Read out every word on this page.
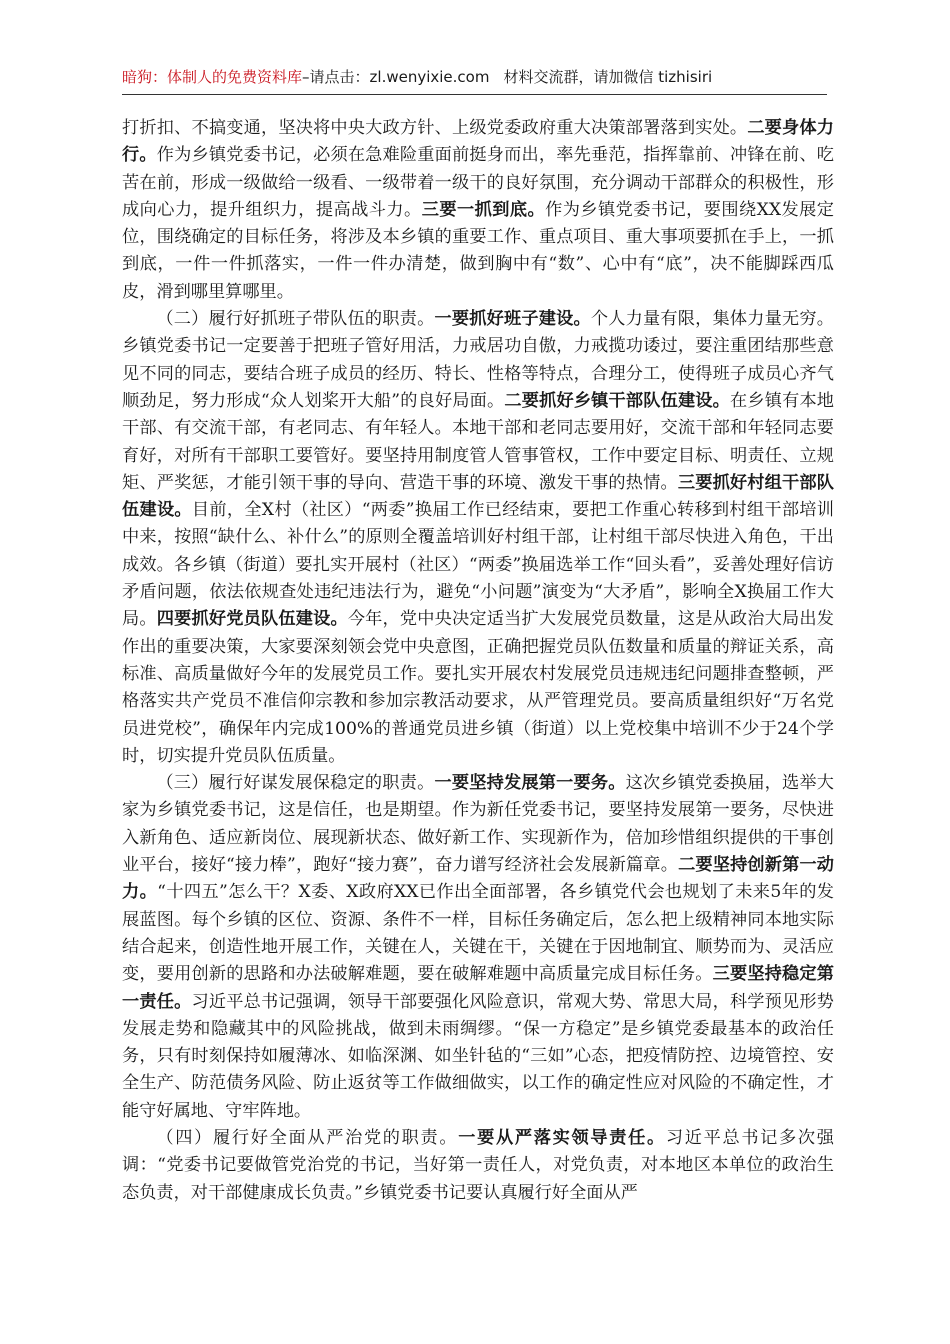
暗狗：体制人的免费资料库–请点击：zl.wenyixie.com 材料交流群，请加微信 tizhisiri

打折扣、不搞变通，坚决将中央大政方针、上级党委政府重大决策部署落到实处。二要身体力行。作为乡镇党委书记，必须在急难险重面前挺身而出，率先垂范，指挥靠前、冲锋在前、吃苦在前，形成一级做给一级看、一级带着一级干的良好氛围，充分调动干部群众的积极性，形成向心力，提升组织力，提高战斗力。三要一抓到底。作为乡镇党委书记，要围绕XX发展定位，围绕确定的目标任务，将涉及本乡镇的重要工作、重点项目、重大事项要抓在手上，一抓到底，一件一件抓落实，一件一件办清楚，做到胸中有“数”、心中有“底”，决不能脚踩西瓜皮，滑到哪里算哪里。

（二）履行好抓班子带队伍的职责。一要抓好班子建设。个人力量有限，集体力量无穷。乡镇党委书记一定要善于把班子管好用活，力戒居功自傲，力戒揽功诿过，要注重团结那些意见不同的同志，要结合班子成员的经历、特长、性格等特点，合理分工，使得班子成员心齐气顺劲足，努力形成“众人划桨开大船”的良好局面。二要抓好乡镇干部队伍建设。在乡镇有本地干部、有交流干部，有老同志、有年轻人。本地干部和老同志要用好，交流干部和年轻同志要育好，对所有干部职工要管好。要坚持用制度管人管事管权，工作中要定目标、明责任、立规矩、严奖惩，才能引领干事的导向、营造干事的环境、激发干事的热情。三要抓好村组干部队伍建设。目前，全X村（社区）“两委”换届工作已经结束，要把工作重心转移到村组干部培训中来，按照“缺什么、补什么”的原则全覆盖培训好村组干部，让村组干部尽快进入角色，干出成效。各乡镇（街道）要扎实开展村（社区）“两委”换届选举工作“回头看”，妥善处理好信访矛盾问题，依法依规查处违纪违法行为，避免“小问题”演变为“大矛盾”，影响全X换届工作大局。四要抓好党员队伍建设。今年，党中央决定适当扩大发展党员数量，这是从政治大局出发作出的重要决策，大家要深刻领会党中央意图，正确把握党员队伍数量和质量的辩证关系，高标准、高质量做好今年的发展党员工作。要扎实开展农村发展党员违规违纪问题排查整顿，严格落实共产党员不准信仰宗教和参加宗教活动要求，从严管理党员。要高质量组织好“万名党员进党校”，确保年内完成100%的普通党员进乡镇（街道）以上党校集中培训不少于24个学时，切实提升党员队伍质量。

（三）履行好谋发展保稳定的职责。一要坚持发展第一要务。这次乡镇党委换届，选举大家为乡镇党委书记，这是信任，也是期望。作为新任党委书记，要坚持发展第一要务，尽快进入新角色、适应新岗位、展现新状态、做好新工作、实现新作为，倍加珍惜组织提供的干事创业平台，接好“接力棒”，跑好“接力赛”，奋力谱写经济社会发展新篇章。二要坚持创新第一动力。“十四五”怎么干？X委、X政府XX已作出全面部署，各乡镇党代会也规划了未来5年的发展蓝图。每个乡镇的区位、资源、条件不一样，目标任务确定后，怎么把上级精神同本地实际结合起来，创造性地开展工作，关键在人，关键在干，关键在于因地制宜、顺势而为、灵活应变，要用创新的思路和办法破解难题，要在破解难题中高质量完成目标任务。三要坚持稳定第一责任。习近平总书记强调，领导干部要强化风险意识，常观大势、常思大局，科学预见形势发展走势和隐藏其中的风险挑战，做到未雨绸缪。“保一方稳定”是乡镇党委最基本的政治任务，只有时刻保持如履薄冰、如临深渊、如坐针毡的“三如”心态，把疫情防控、边境管控、安全生产、防范债务风险、防止返贫等工作做细做实，以工作的确定性应对风险的不确定性，才能守好属地、守牢阵地。

（四）履行好全面从严治党的职责。一要从严落实领导责任。习近平总书记多次强调：“党委书记要做管党治党的书记，当好第一责任人，对党负责，对本地区本单位的政治生态负责，对干部健康成长负责。”乡镇党委书记要认真履行好全面从严
